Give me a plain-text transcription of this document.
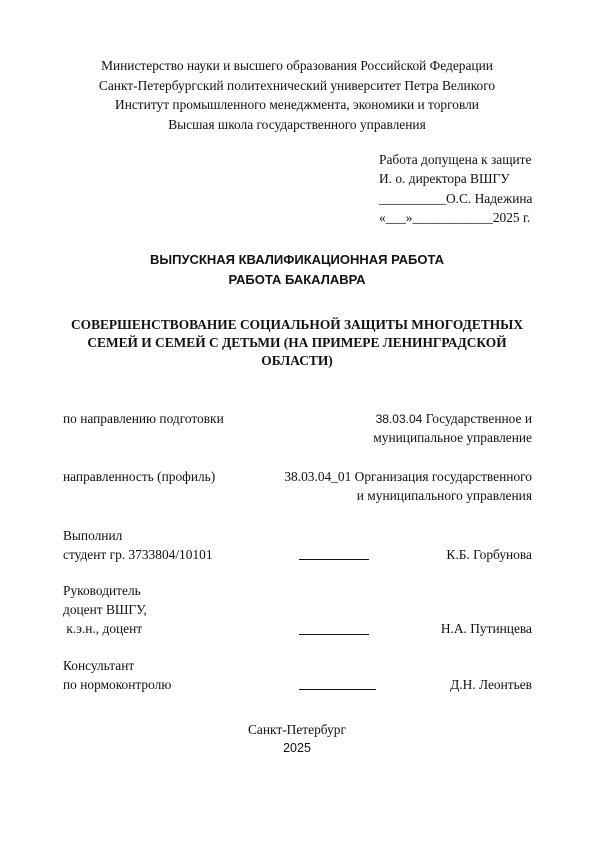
Министерство науки и высшего образования Российской Федерации
Санкт-Петербургский политехнический университет Петра Великого
Институт промышленного менеджмента, экономики и торговли
Высшая школа государственного управления
Работа допущена к защите
И. о. директора ВШГУ
__________О.С. Надежина
«___»____________2025 г.
ВЫПУСКНАЯ КВАЛИФИКАЦИОННАЯ РАБОТА
РАБОТА БАКАЛАВРА
СОВЕРШЕНСТВОВАНИЕ СОЦИАЛЬНОЙ ЗАЩИТЫ МНОГОДЕТНЫХ
СЕМЕЙ И СЕМЕЙ С ДЕТЬМИ (НА ПРИМЕРЕ ЛЕНИНГРАДСКОЙ
ОБЛАСТИ)
по направлению подготовки	38.03.04 Государственное и
муниципальное управление
направленность (профиль)	38.03.04_01 Организация государственного
и муниципального управления
Выполнил
студент гр. 3733804/10101	К.Б. Горбунова
Руководитель
доцент ВШГУ,
к.э.н., доцент	Н.А. Путинцева
Консультант
по нормоконтролю	Д.Н. Леонтьев
Санкт-Петербург
2025
